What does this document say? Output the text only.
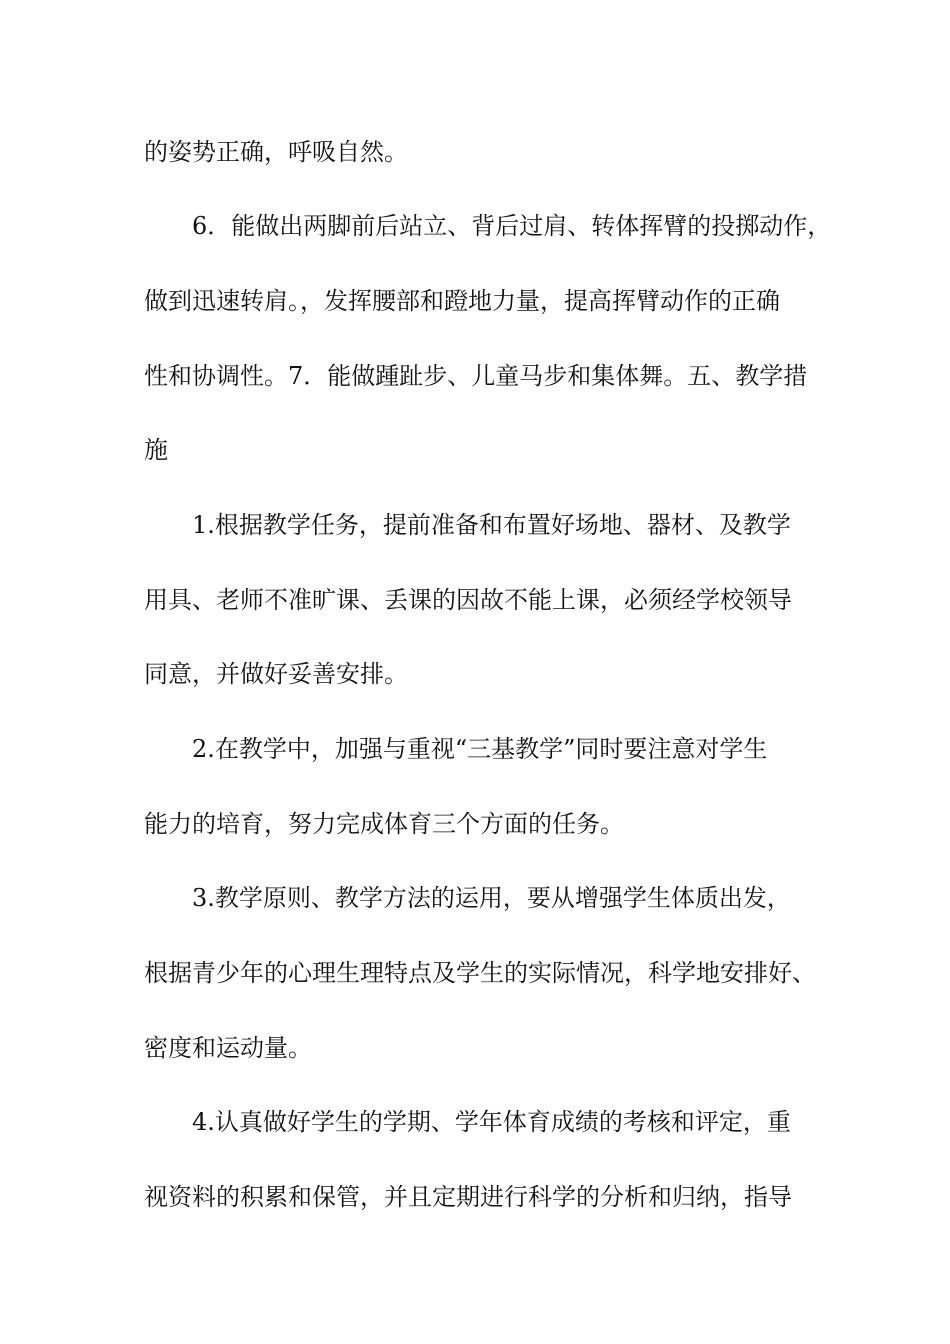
的姿势正确，呼吸自然。
6．能做出两脚前后站立、背后过肩、转体挥臂的投掷动作，
做到迅速转肩。，发挥腰部和蹬地力量，提高挥臂动作的正确
性和协调性。7．能做踵趾步、儿童马步和集体舞。五、教学措
施
1.根据教学任务，提前准备和布置好场地、器材、及教学
用具、老师不准旷课、丢课的因故不能上课，必须经学校领导
同意，并做好妥善安排。
2.在教学中，加强与重视“三基教学”同时要注意对学生
能力的培育，努力完成体育三个方面的任务。
3.教学原则、教学方法的运用，要从增强学生体质出发，
根据青少年的心理生理特点及学生的实际情况，科学地安排好、
密度和运动量。
4.认真做好学生的学期、学年体育成绩的考核和评定，重
视资料的积累和保管，并且定期进行科学的分析和归纳，指导
